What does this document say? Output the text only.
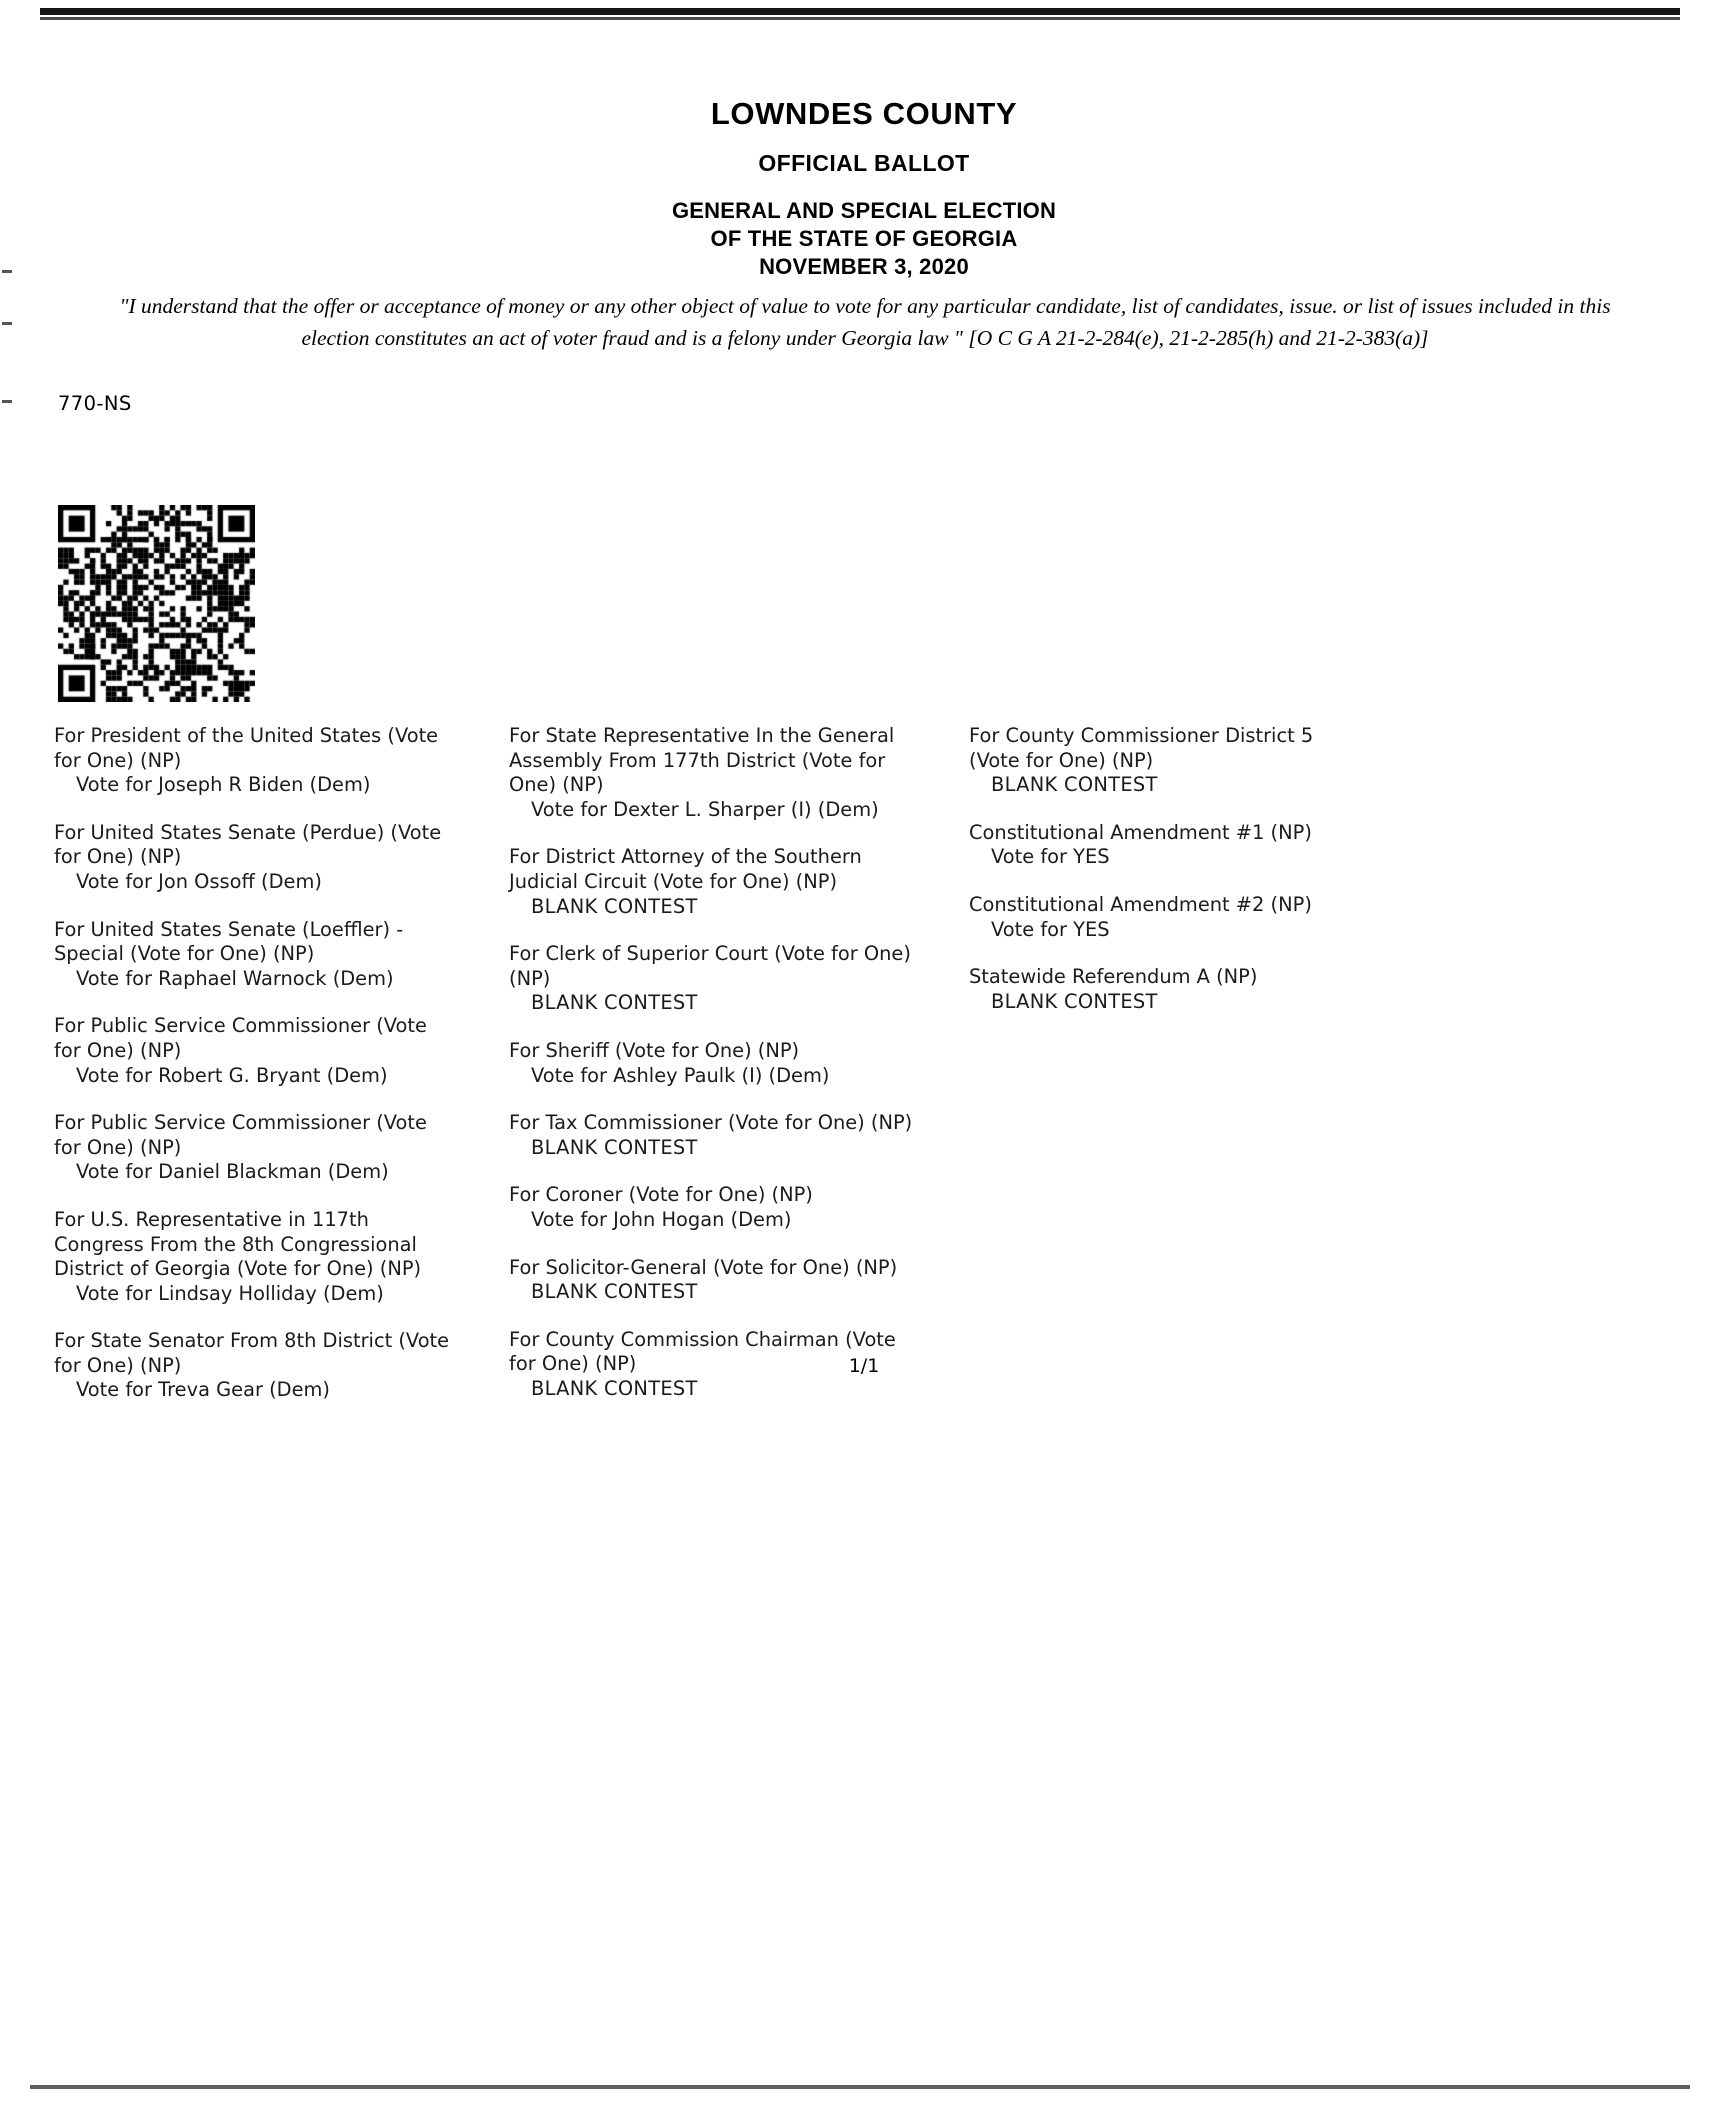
LOWNDES COUNTY
OFFICIAL BALLOT
GENERAL AND SPECIAL ELECTION
OF THE STATE OF GEORGIA
NOVEMBER 3, 2020
"I understand that the offer or acceptance of money or any other object of value to vote for any particular candidate, list of candidates, issue. or list of issues included in this election constitutes an act of voter fraud and is a felony under Georgia law " [O C G A 21-2-284(e), 21-2-285(h) and 21-2-383(a)]
770-NS
For President of the United States (Vote for One) (NP)
Vote for Joseph R Biden (Dem)
For United States Senate (Perdue) (Vote for One) (NP)
Vote for Jon Ossoff (Dem)
For United States Senate (Loeffler) - Special (Vote for One) (NP)
Vote for Raphael Warnock (Dem)
For Public Service Commissioner (Vote for One) (NP)
Vote for Robert G. Bryant (Dem)
For Public Service Commissioner (Vote for One) (NP)
Vote for Daniel Blackman (Dem)
For U.S. Representative in 117th Congress From the 8th Congressional District of Georgia (Vote for One) (NP)
Vote for Lindsay Holliday (Dem)
For State Senator From 8th District (Vote for One) (NP)
Vote for Treva Gear (Dem)

For State Representative In the General Assembly From 177th District (Vote for One) (NP)
Vote for Dexter L. Sharper (I) (Dem)
For District Attorney of the Southern Judicial Circuit (Vote for One) (NP)
BLANK CONTEST
For Clerk of Superior Court (Vote for One) (NP)
BLANK CONTEST
For Sheriff (Vote for One) (NP)
Vote for Ashley Paulk (I) (Dem)
For Tax Commissioner (Vote for One) (NP)
BLANK CONTEST
For Coroner (Vote for One) (NP)
Vote for John Hogan (Dem)
For Solicitor-General (Vote for One) (NP)
BLANK CONTEST
For County Commission Chairman (Vote for One) (NP)
BLANK CONTEST

For County Commissioner District 5 (Vote for One) (NP)
BLANK CONTEST
Constitutional Amendment #1 (NP)
Vote for YES
Constitutional Amendment #2 (NP)
Vote for YES
Statewide Referendum A (NP)
BLANK CONTEST
1/1
